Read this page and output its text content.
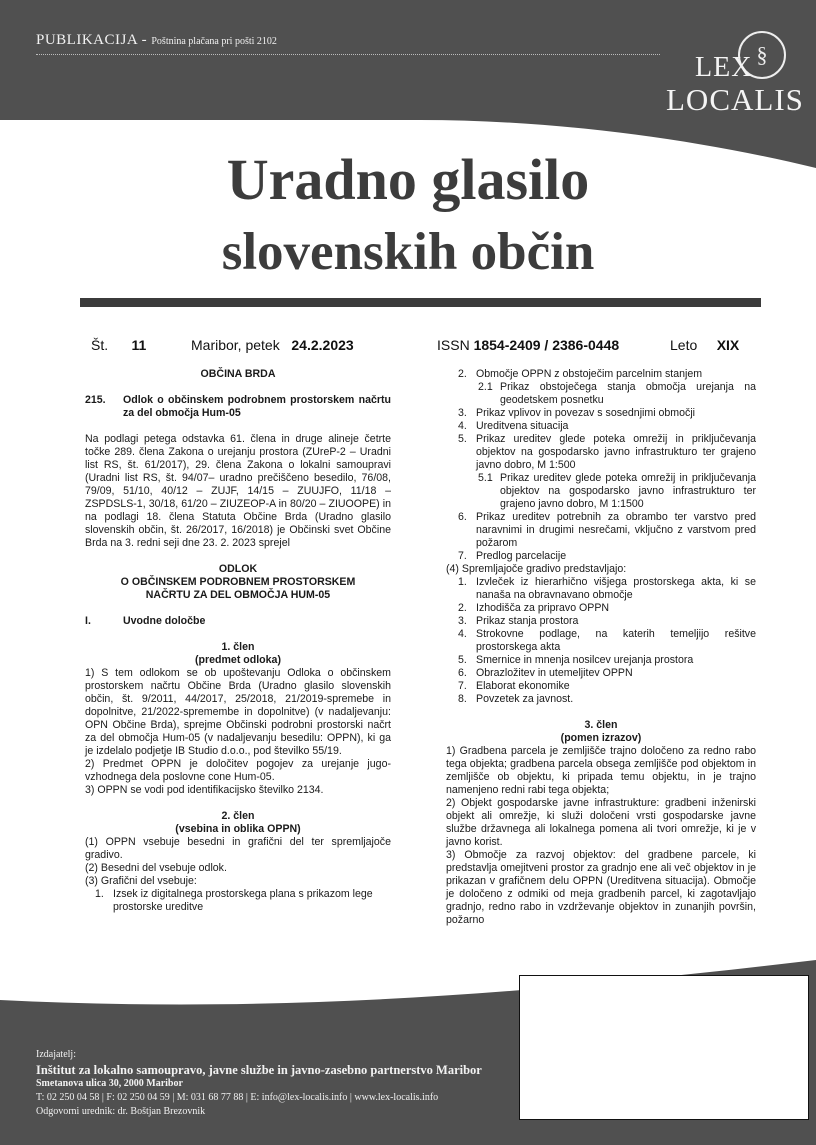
PUBLIKACIJA - Poštnina plačana pri pošti 2102
§
LEX
LOCALIS
Uradno glasilo
slovenskih občin
Št. 11	Maribor, petek 24.2.2023	ISSN 1854-2409 / 2386-0448	Leto XIX

OBČINA BRDA

215.	Odlok o občinskem podrobnem prostorskem načrtu za del območja Hum-05

Na podlagi petega odstavka 61. člena in druge alineje četrte točke 289. člena Zakona o urejanju prostora (ZUreP-2 – Uradni list RS, št. 61/2017), 29. člena Zakona o lokalni samoupravi (Uradni list RS, št. 94/07– uradno prečiščeno besedilo, 76/08, 79/09, 51/10, 40/12 – ZUJF, 14/15 – ZUUJFO, 11/18 – ZSPDSLS-1, 30/18, 61/20 – ZIUZEOP-A in 80/20 – ZIUOOPE) in na podlagi 18. člena Statuta Občine Brda (Uradno glasilo slovenskih občin, št. 26/2017, 16/2018) je Občinski svet Občine Brda na 3. redni seji dne 23. 2. 2023 sprejel

ODLOK

O OBČINSKEM PODROBNEM PROSTORSKEM

NAČRTU ZA DEL OBMOČJA HUM-05

I.	Uvodne določbe

1. člen

(predmet odloka)

1) S tem odlokom se ob upoštevanju Odloka o občinskem prostorskem načrtu Občine Brda (Uradno glasilo slovenskih občin, št. 9/2011, 44/2017, 25/2018, 21/2019-spremebe in dopolnitve, 21/2022-spremembe in dopolnitve) (v nadaljevanju: OPN Občine Brda), sprejme Občinski podrobni prostorski načrt za del območja Hum-05 (v nadaljevanju besedilu: OPPN), ki ga je izdelalo podjetje IB Studio d.o.o., pod številko 55/19.

2) Predmet OPPN je določitev pogojev za urejanje jugo-vzhodnega dela poslovne cone Hum-05.

3) OPPN se vodi pod identifikacijsko številko 2134.

2. člen

(vsebina in oblika OPPN)

(1) OPPN vsebuje besedni in grafični del ter spremljajoče gradivo.

(2) Besedni del vsebuje odlok.

(3) Grafični del vsebuje:

1. Izsek iz digitalnega prostorskega plana s prikazom lege prostorske ureditve
2. Območje OPPN z obstoječim parcelnim stanjem
2.1 Prikaz obstoječega stanja območja urejanja na geodetskem posnetku
3. Prikaz vplivov in povezav s sosednjimi območji
4. Ureditvena situacija
5. Prikaz ureditev glede poteka omrežij in priključevanja objektov na gospodarsko javno infrastrukturo ter grajeno javno dobro, M 1:500
5.1 Prikaz ureditev glede poteka omrežij in priključevanja objektov na gospodarsko javno infrastrukturo ter grajeno javno dobro, M 1:1500
6. Prikaz ureditev potrebnih za obrambo ter varstvo pred naravnimi in drugimi nesrečami, vključno z varstvom pred požarom
7. Predlog parcelacije

(4) Spremljajoče gradivo predstavljajo:

1. Izvleček iz hierarhično višjega prostorskega akta, ki se nanaša na obravnavano območje
2. Izhodišča za pripravo OPPN
3. Prikaz stanja prostora
4. Strokovne podlage, na katerih temeljijo rešitve prostorskega akta
5. Smernice in mnenja nosilcev urejanja prostora
6. Obrazložitev in utemeljitev OPPN
7. Elaborat ekonomike
8. Povzetek za javnost.

3. člen

(pomen izrazov)

1) Gradbena parcela je zemljišče trajno določeno za redno rabo tega objekta; gradbena parcela obsega zemljišče pod objektom in zemljišče ob objektu, ki pripada temu objektu, in je trajno namenjeno redni rabi tega objekta;

2) Objekt gospodarske javne infrastrukture: gradbeni inženirski objekt ali omrežje, ki služi določeni vrsti gospodarske javne službe državnega ali lokalnega pomena ali tvori omrežje, ki je v javno korist.

3) Območje za razvoj objektov: del gradbene parcele, ki predstavlja omejitveni prostor za gradnjo ene ali več objektov in je prikazan v grafičnem delu OPPN (Ureditvena situacija). Območje je določeno z odmiki od meja gradbenih parcel, ki zagotavljajo gradnjo, redno rabo in vzdrževanje objektov in zunanjih površin, požarno

Izdajatelj:
Inštitut za lokalno samoupravo, javne službe in javno-zasebno partnerstvo Maribor
Smetanova ulica 30, 2000 Maribor
T: 02 250 04 58 | F: 02 250 04 59 | M: 031 68 77 88 | E: info@lex-localis.info | www.lex-localis.info
Odgovorni urednik: dr. Boštjan Brezovnik
